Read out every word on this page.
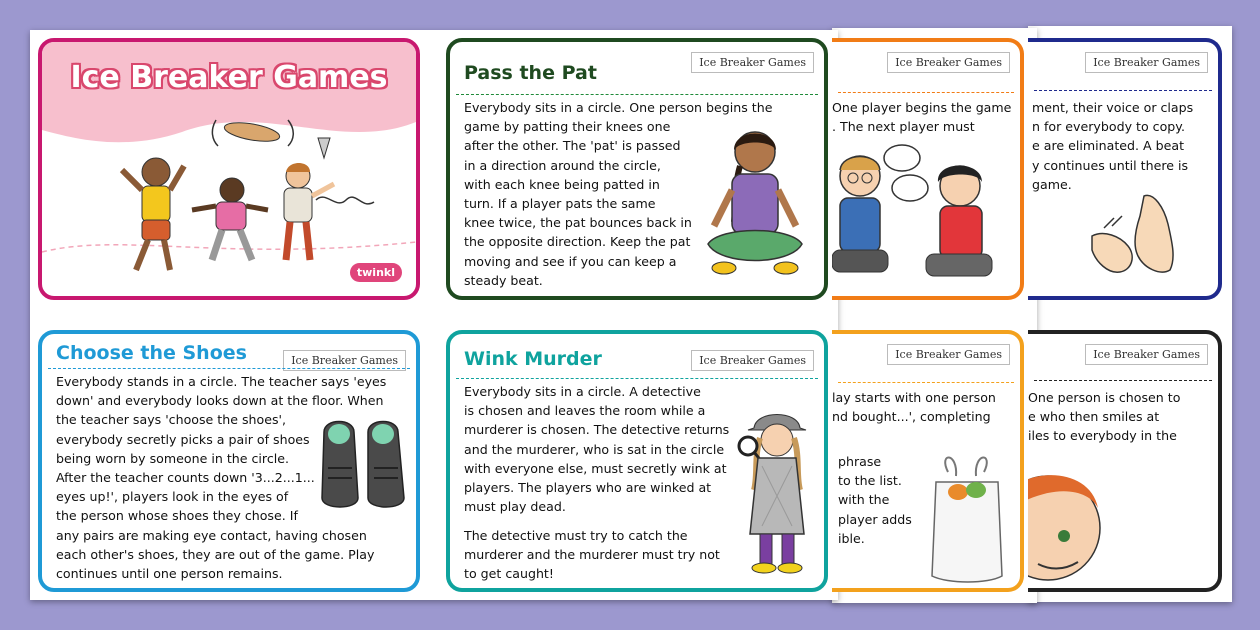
Ice Breaker Games
ment, their voice or claps
n for everybody to copy.
e are eliminated. A beat
y continues until there is
game.
Ice Breaker Games
One player begins the game
. The next player must
Ice Breaker Games
One person is chosen to
e who then smiles at
iles to everybody in the
Ice Breaker Games
lay starts with one person
nd bought...', completing
phrase
to the list.
with the
player adds
ible.
Ice Breaker Games
twinkl
Ice Breaker Games
Pass the Pat
Everybody sits in a circle. One person begins the
game by patting their knees one
after the other. The 'pat' is passed
in a direction around the circle,
with each knee being patted in
turn. If a player pats the same
knee twice, the pat bounces back in
the opposite direction. Keep the pat
moving and see if you can keep a
steady beat.
Ice Breaker Games
Choose the Shoes
Everybody stands in a circle. The teacher says 'eyes
down' and everybody looks down at the floor. When
the teacher says 'choose the shoes',
everybody secretly picks a pair of shoes
being worn by someone in the circle.
After the teacher counts down '3...2...1...
eyes up!', players look in the eyes of
the person whose shoes they chose. If
any pairs are making eye contact, having chosen
each other's shoes, they are out of the game. Play
continues until one person remains.
Ice Breaker Games
Wink Murder
Everybody sits in a circle. A detective
is chosen and leaves the room while a
murderer is chosen. The detective returns
and the murderer, who is sat in the circle
with everyone else, must secretly wink at
players. The players who are winked at
must play dead.
The detective must try to catch the
murderer and the murderer must try not
to get caught!
